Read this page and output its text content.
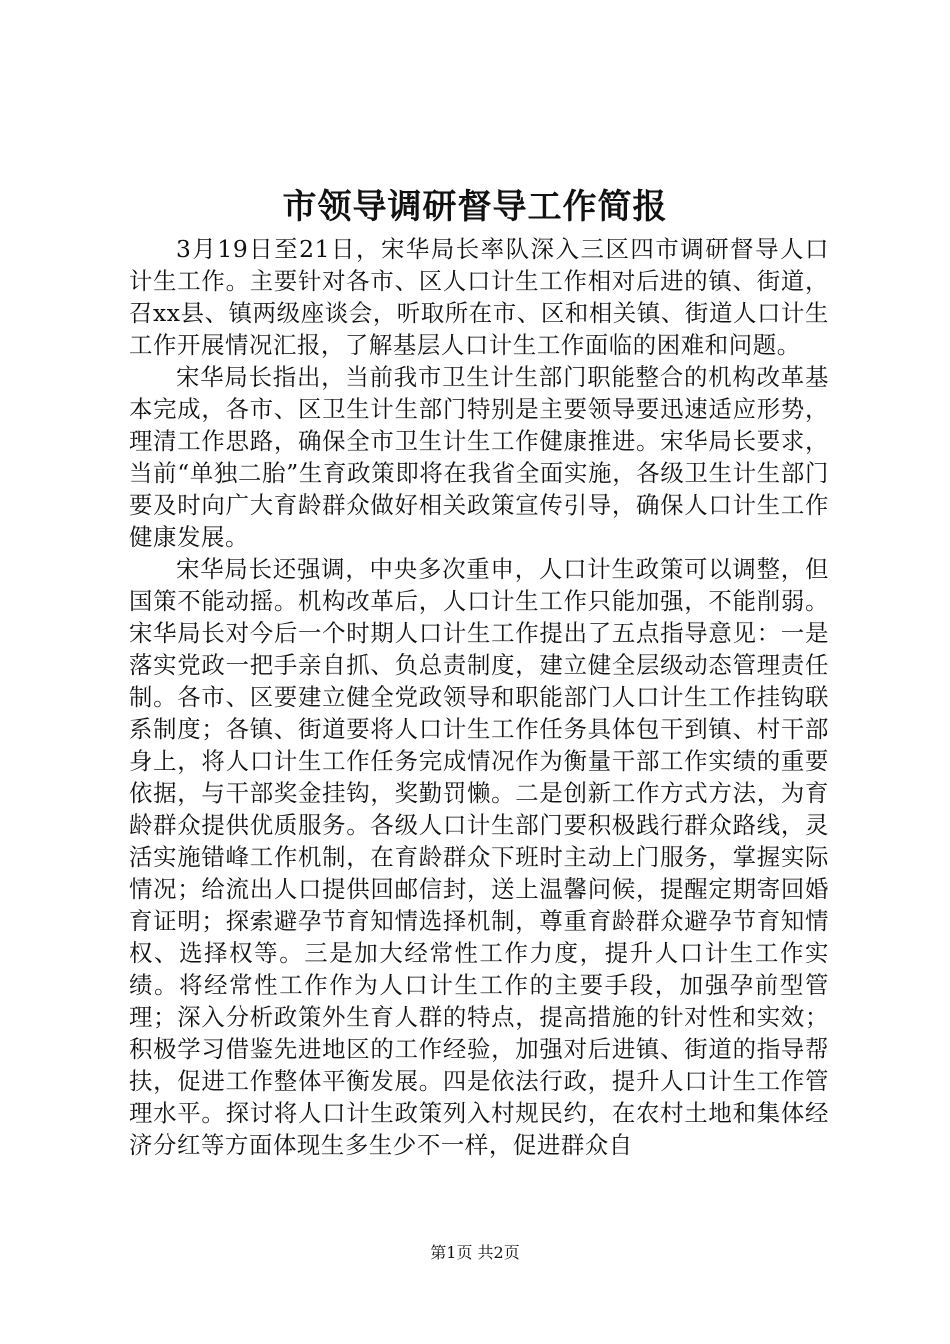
市领导调研督导工作简报

3月19日至21日，宋华局长率队深入三区四市调研督导人口计生工作。主要针对各市、区人口计生工作相对后进的镇、街道，召xx县、镇两级座谈会，听取所在市、区和相关镇、街道人口计生工作开展情况汇报，了解基层人口计生工作面临的困难和问题。

宋华局长指出，当前我市卫生计生部门职能整合的机构改革基本完成，各市、区卫生计生部门特别是主要领导要迅速适应形势，理清工作思路，确保全市卫生计生工作健康推进。宋华局长要求，当前“单独二胎”生育政策即将在我省全面实施，各级卫生计生部门要及时向广大育龄群众做好相关政策宣传引导，确保人口计生工作健康发展。

宋华局长还强调，中央多次重申，人口计生政策可以调整，但国策不能动摇。机构改革后，人口计生工作只能加强，不能削弱。宋华局长对今后一个时期人口计生工作提出了五点指导意见：一是落实党政一把手亲自抓、负总责制度，建立健全层级动态管理责任制。各市、区要建立健全党政领导和职能部门人口计生工作挂钩联系制度；各镇、街道要将人口计生工作任务具体包干到镇、村干部身上，将人口计生工作任务完成情况作为衡量干部工作实绩的重要依据，与干部奖金挂钩，奖勤罚懒。二是创新工作方式方法，为育龄群众提供优质服务。各级人口计生部门要积极践行群众路线，灵活实施错峰工作机制，在育龄群众下班时主动上门服务，掌握实际情况；给流出人口提供回邮信封，送上温馨问候，提醒定期寄回婚育证明；探索避孕节育知情选择机制，尊重育龄群众避孕节育知情权、选择权等。三是加大经常性工作力度，提升人口计生工作实绩。将经常性工作作为人口计生工作的主要手段，加强孕前型管理；深入分析政策外生育人群的特点，提高措施的针对性和实效；积极学习借鉴先进地区的工作经验，加强对后进镇、街道的指导帮扶，促进工作整体平衡发展。四是依法行政，提升人口计生工作管理水平。探讨将人口计生政策列入村规民约，在农村土地和集体经济分红等方面体现生多生少不一样，促进群众自

第1页 共2页
